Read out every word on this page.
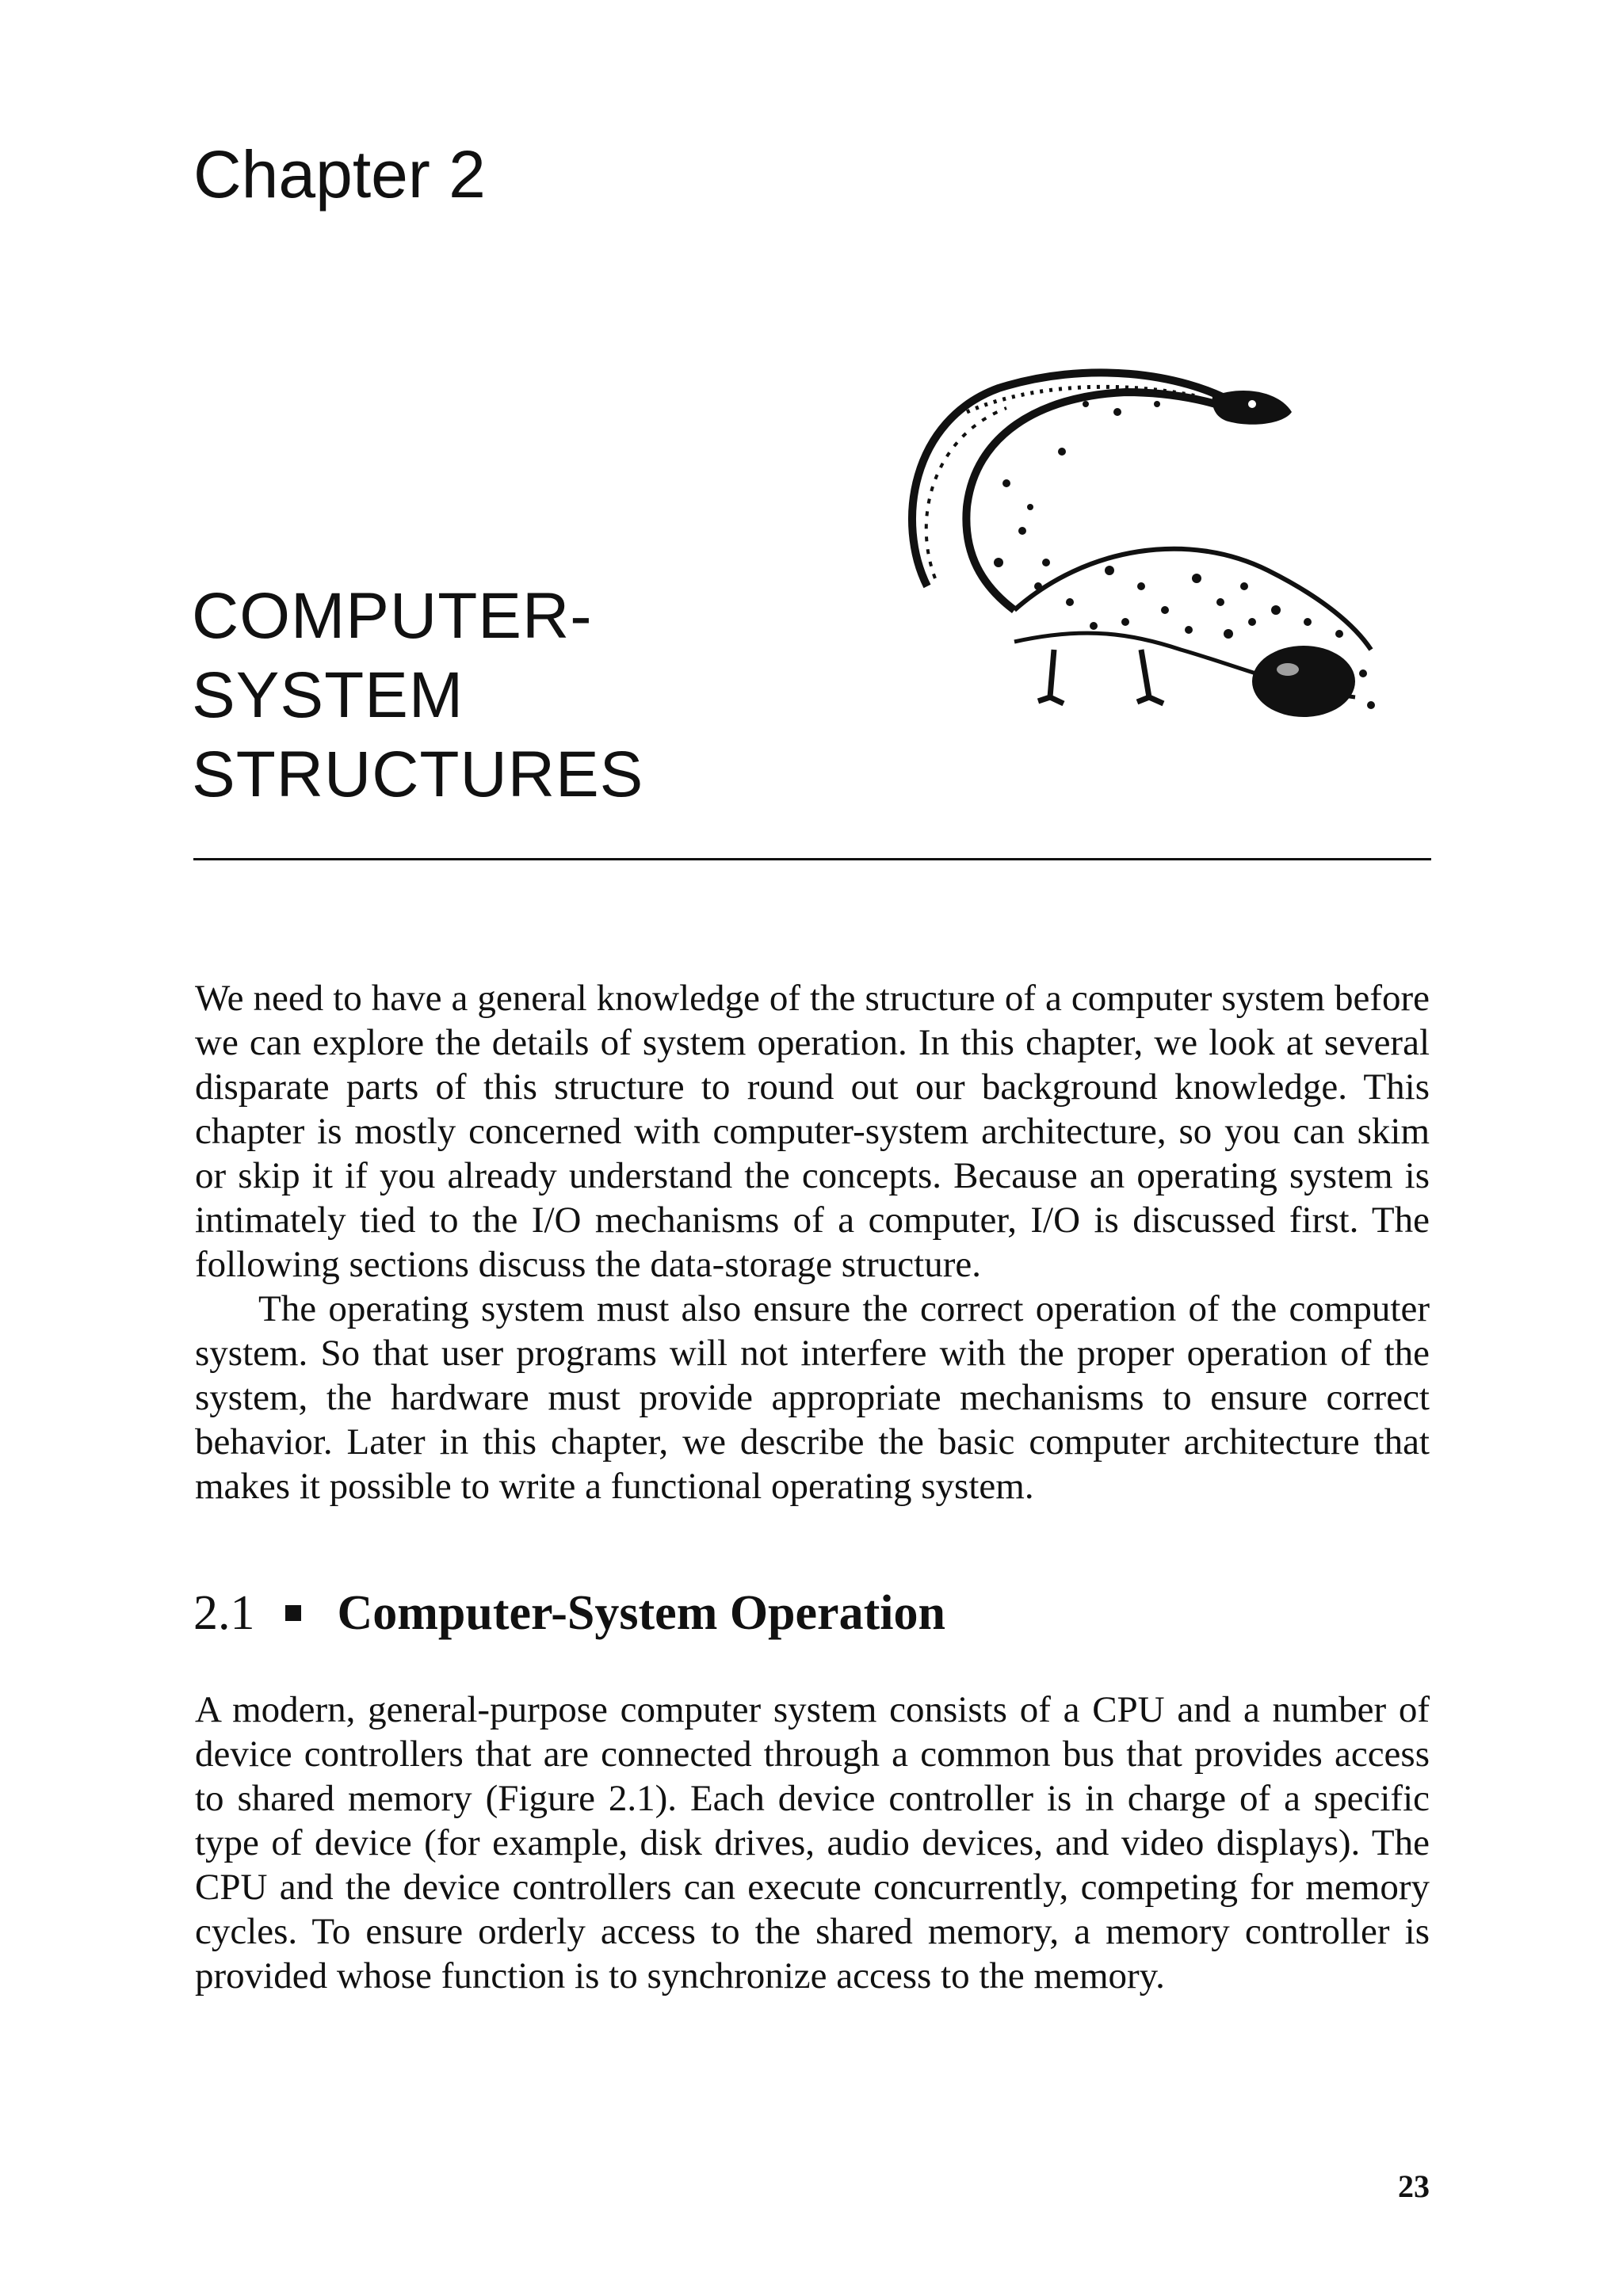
Chapter 2
COMPUTER-
SYSTEM
STRUCTURES

We need to have a general knowledge of the structure of a computer system before we can explore the details of system operation. In this chapter, we look at several disparate parts of this structure to round out our background knowledge. This chapter is mostly concerned with computer-system architecture, so you can skim or skip it if you already understand the concepts. Because an operating system is intimately tied to the I/O mechanisms of a computer, I/O is discussed first. The following sections discuss the data-storage structure.

The operating system must also ensure the correct operation of the computer system. So that user programs will not interfere with the proper operation of the system, the hardware must provide appropriate mechanisms to ensure correct behavior. Later in this chapter, we describe the basic computer architecture that makes it possible to write a functional operating system.

2.1 Computer-System Operation

A modern, general-purpose computer system consists of a CPU and a number of device controllers that are connected through a common bus that provides access to shared memory (Figure 2.1). Each device controller is in charge of a specific type of device (for example, disk drives, audio devices, and video displays). The CPU and the device controllers can execute concurrently, competing for memory cycles. To ensure orderly access to the shared memory, a memory controller is provided whose function is to synchronize access to the memory.

23
